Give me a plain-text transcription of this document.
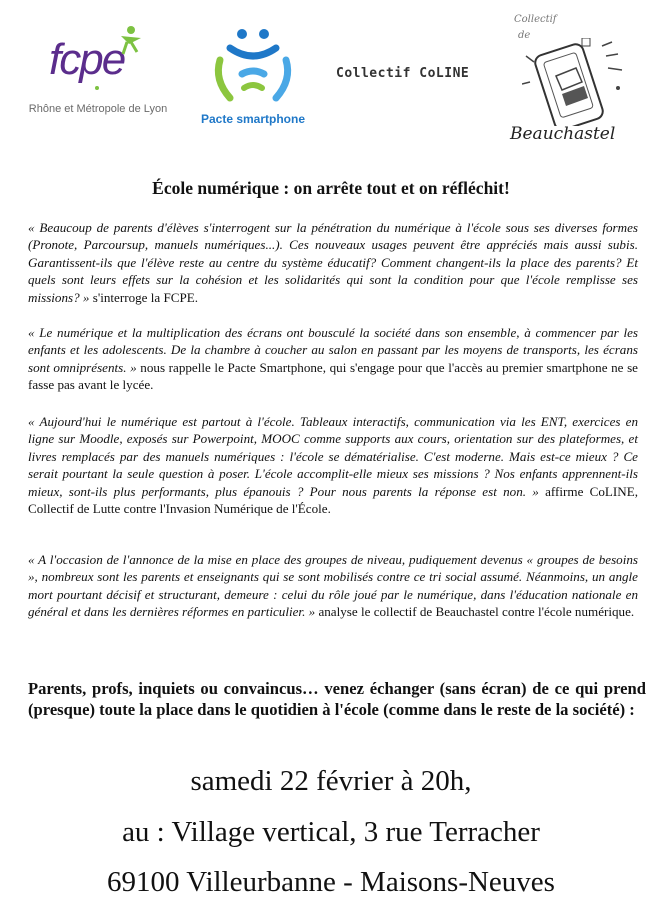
fcpe
Rhône et Métropole de Lyon
Pacte smartphone
Collectif CoLINE
Collectif
de
Beauchastel
École numérique : on arrête tout et on réfléchit!
« Beaucoup de parents d'élèves s'interrogent sur la pénétration du numérique à l'école sous ses diverses formes (Pronote, Parcoursup, manuels numériques...). Ces nouveaux usages peuvent être appréciés mais aussi subis. Garantissent-ils que l'élève reste au centre du système éducatif? Comment changent-ils la place des parents? Et quels sont leurs effets sur la cohésion et les solidarités qui sont la condition pour que l'école remplisse ses missions? » s'interroge la FCPE.
« Le numérique et la multiplication des écrans ont bousculé la société dans son ensemble, à commencer par les enfants et les adolescents. De la chambre à coucher au salon en passant par les moyens de transports, les écrans sont omniprésents. » nous rappelle le Pacte Smartphone, qui s'engage pour que l'accès au premier smartphone ne se fasse pas avant le lycée.
« Aujourd'hui le numérique est partout à l'école. Tableaux interactifs, communication via les ENT, exercices en ligne sur Moodle, exposés sur Powerpoint, MOOC comme supports aux cours, orientation sur des plateformes, et livres remplacés par des manuels numériques : l'école se dématérialise. C'est moderne. Mais est-ce mieux ? Ce serait pourtant la seule question à poser. L'école accomplit-elle mieux ses missions ? Nos enfants apprennent-ils mieux, sont-ils plus performants, plus épanouis ? Pour nous parents la réponse est non. » affirme CoLINE, Collectif de Lutte contre l'Invasion Numérique de l'École.
« A l'occasion de l'annonce de la mise en place des groupes de niveau, pudiquement devenus « groupes de besoins », nombreux sont les parents et enseignants qui se sont mobilisés contre ce tri social assumé. Néanmoins, un angle mort pourtant décisif et structurant, demeure : celui du rôle joué par le numérique, dans l'éducation nationale en général et dans les dernières réformes en particulier. » analyse le collectif de Beauchastel contre l'école numérique.
Parents, profs, inquiets ou convaincus… venez échanger (sans écran) de ce qui prend (presque) toute la place dans le quotidien à l'école (comme dans le reste de la société) :
samedi 22 février à 20h,
au : Village vertical, 3 rue Terracher
69100 Villeurbanne - Maisons-Neuves
